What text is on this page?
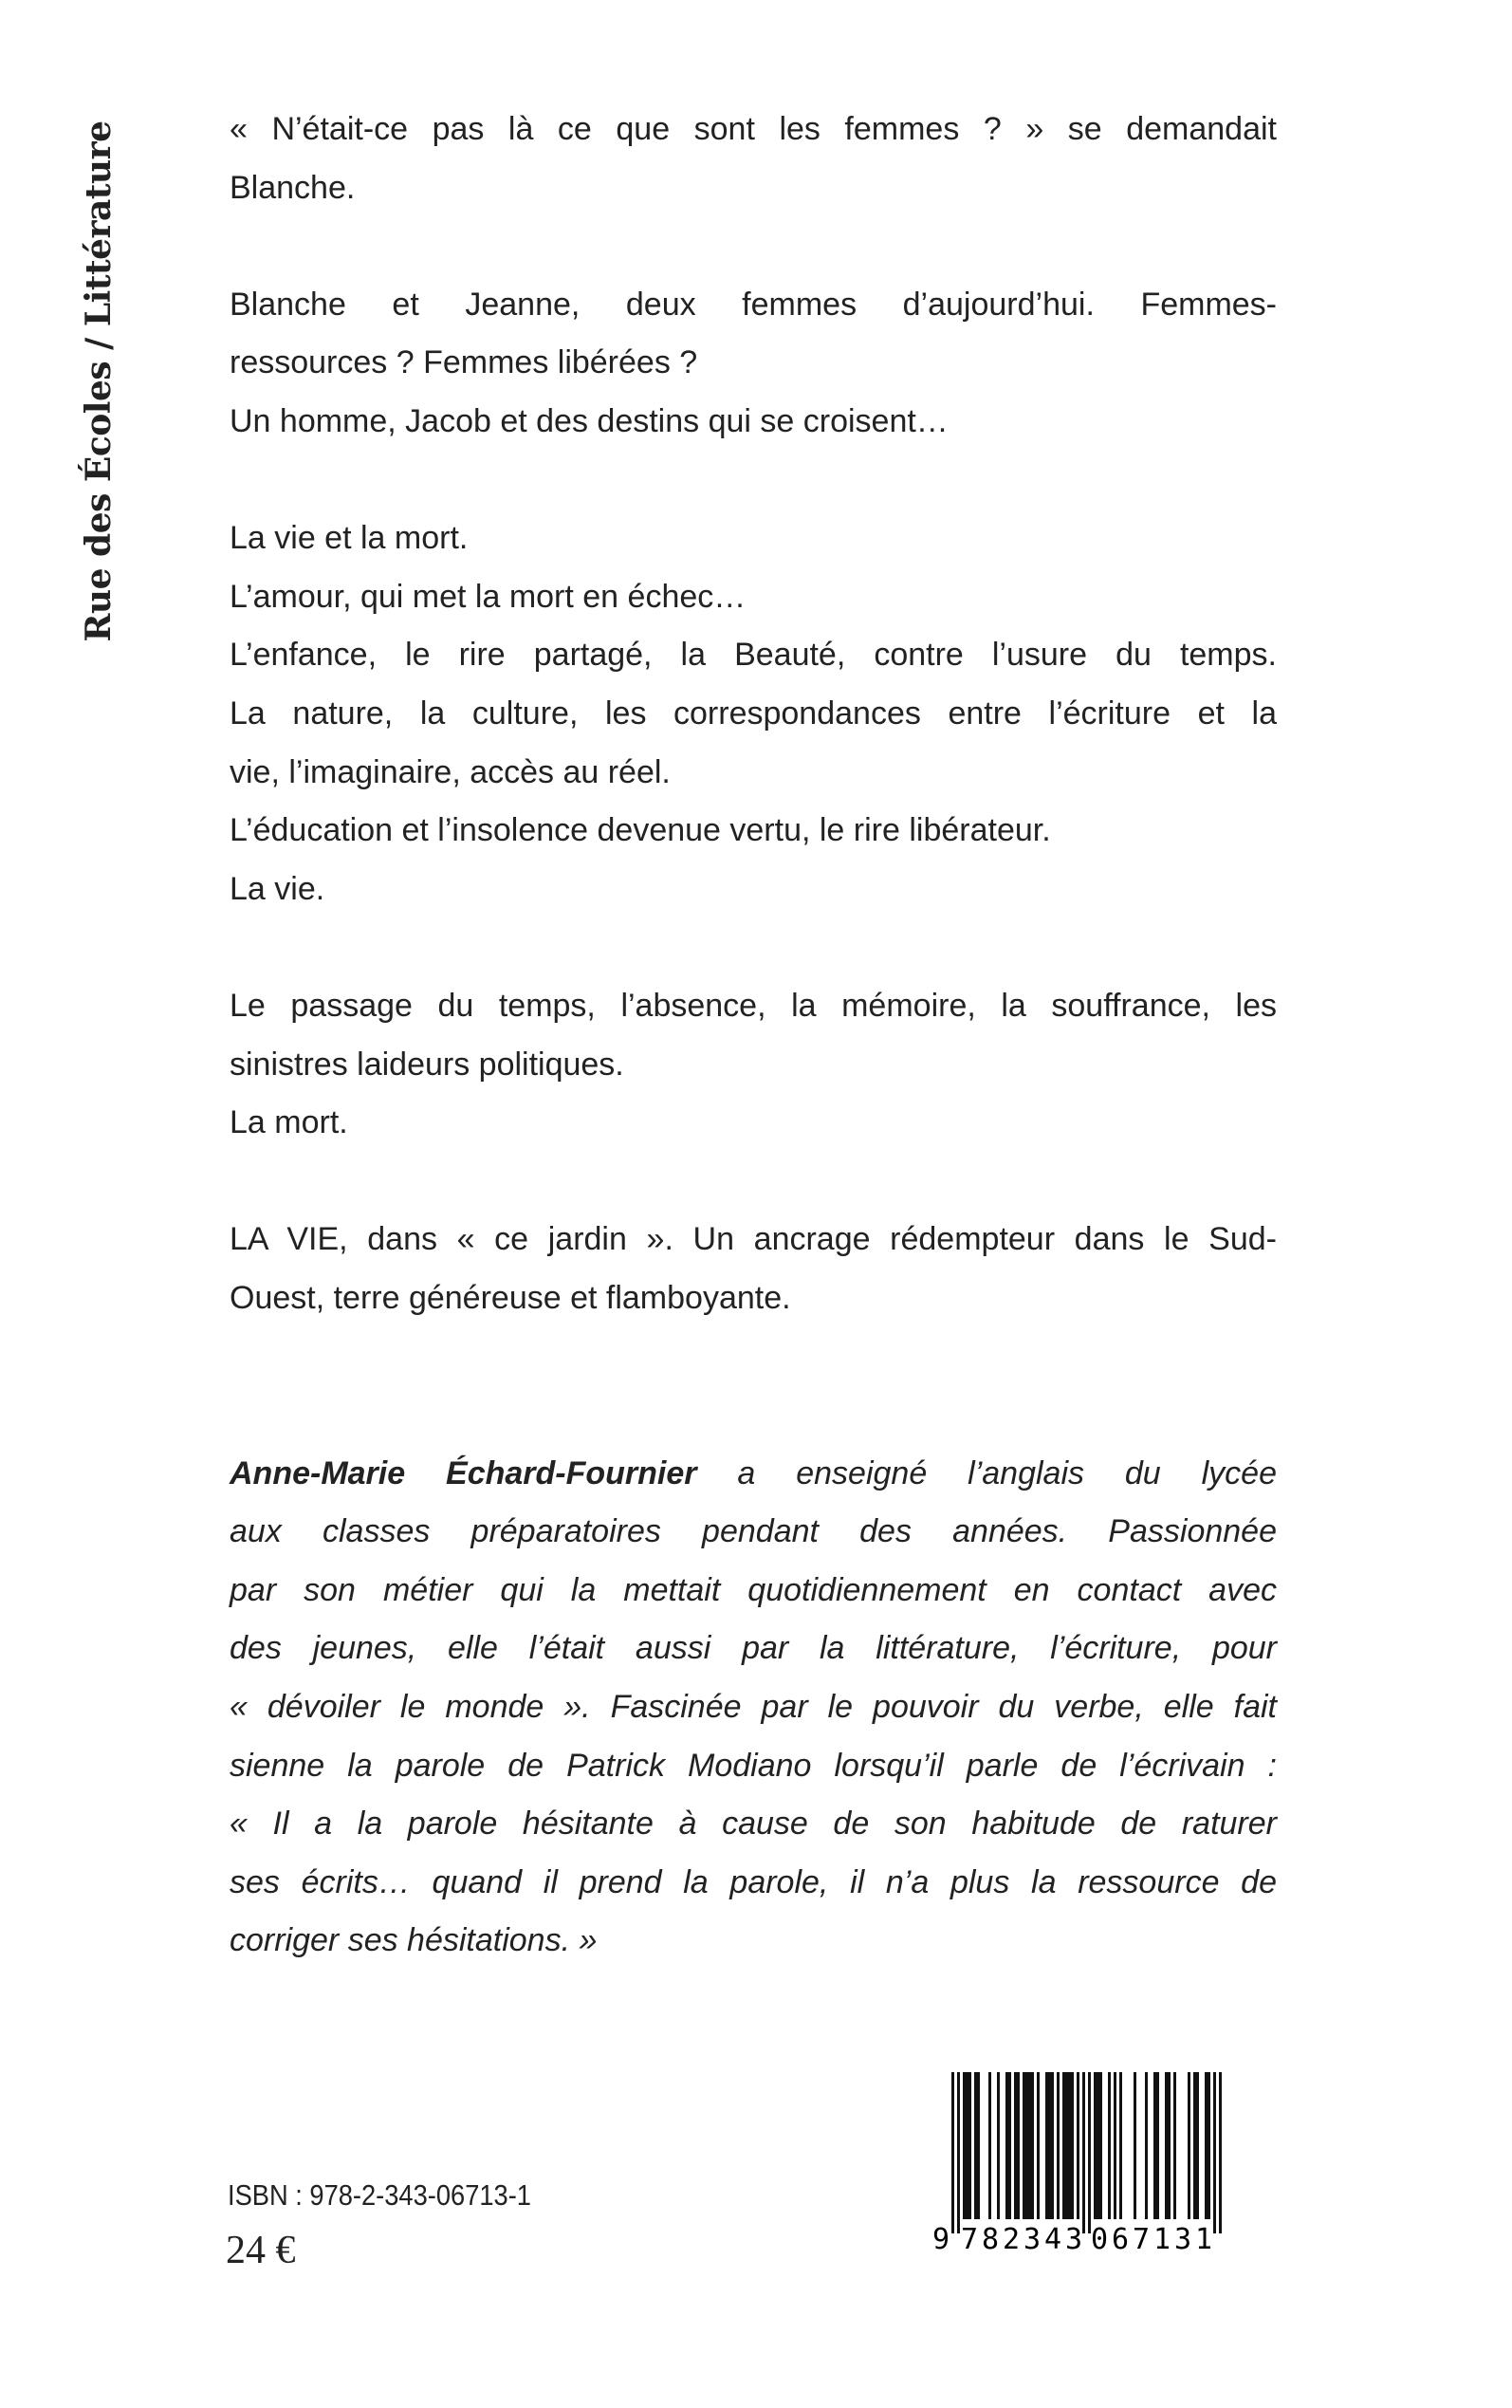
Rue des Écoles / Littérature	« N’était-ce pas là ce que sont les femmes ? » se demandait
Blanche.
Blanche et Jeanne, deux femmes d’aujourd’hui. Femmes-
ressources ? Femmes libérées ?
Un homme, Jacob et des destins qui se croisent…
La vie et la mort.
L’amour, qui met la mort en échec…
L’enfance, le rire partagé, la Beauté, contre l’usure du temps.
La nature, la culture, les correspondances entre l’écriture et la
vie, l’imaginaire, accès au réel.
L’éducation et l’insolence devenue vertu, le rire libérateur.
La vie.
Le passage du temps, l’absence, la mémoire, la souffrance, les
sinistres laideurs politiques.
La mort.
LA VIE, dans « ce jardin ». Un ancrage rédempteur dans le Sud-
Ouest, terre généreuse et flamboyante.
Anne-Marie Échard-Fournier a enseigné l’anglais du lycée
aux classes préparatoires pendant des années. Passionnée
par son métier qui la mettait quotidiennement en contact avec
des jeunes, elle l’était aussi par la littérature, l’écriture, pour
« dévoiler le monde ». Fascinée par le pouvoir du verbe, elle fait
sienne la parole de Patrick Modiano lorsqu’il parle de l’écrivain :
« Il a la parole hésitante à cause de son habitude de raturer
ses écrits… quand il prend la parole, il n’a plus la ressource de
corriger ses hésitations. »
ISBN : 978-2-343-06713-1
24 €	9 782343 067131
